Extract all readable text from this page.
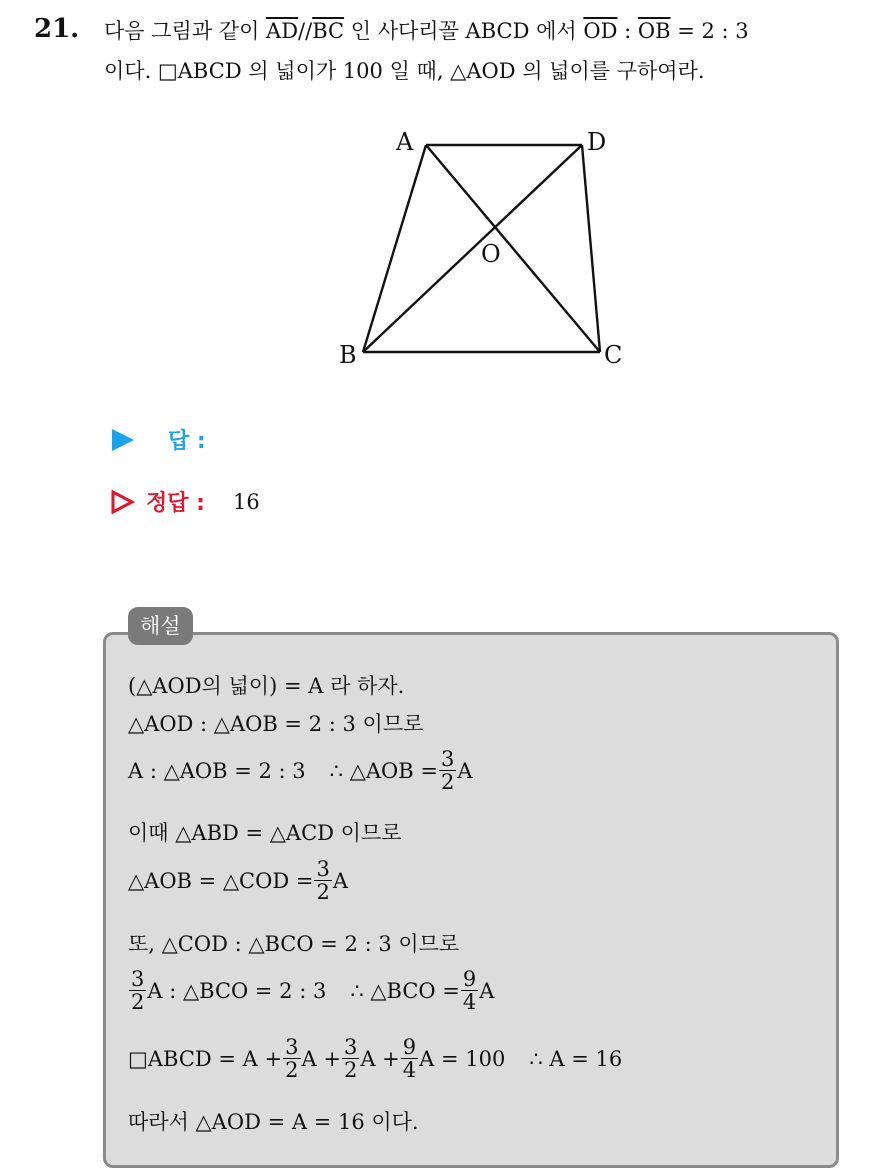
21. 다음 그림과 같이 $\overline{AD}//\overline{BC}$ 인 사다리꼴 ABCD 에서 $\overline{OD}$ : $\overline{OB} = 2$ : 3
이다. □ABCD 의 넓이가 100 일 때, △AOD 의 넓이를 구하여라.
A	D
O
B	C
답 :
정답 : 16
해설
(△AOD의 넓이) = A 라 하자.
△AOD : △AOB = 2 : 3 이므로
A : △AOB = 2 : 3 ∴ △AOB = $\frac{3}{2}$ A
이때 △ABD = △ACD 이므로
△AOB = △COD = $\frac{3}{2}$ A
또, △COD : △BCO = 2 : 3 이므로
$\frac{3}{2}$ A : △BCO = 2 : 3 ∴ △BCO = $\frac{9}{4}$ A
□ABCD = $A + \frac{3}{2}$ $A + \frac{3}{2}$ $A + \frac{9}{4}$ A = 100 ∴ A = 16
따라서 △AOD = A = 16 이다.
